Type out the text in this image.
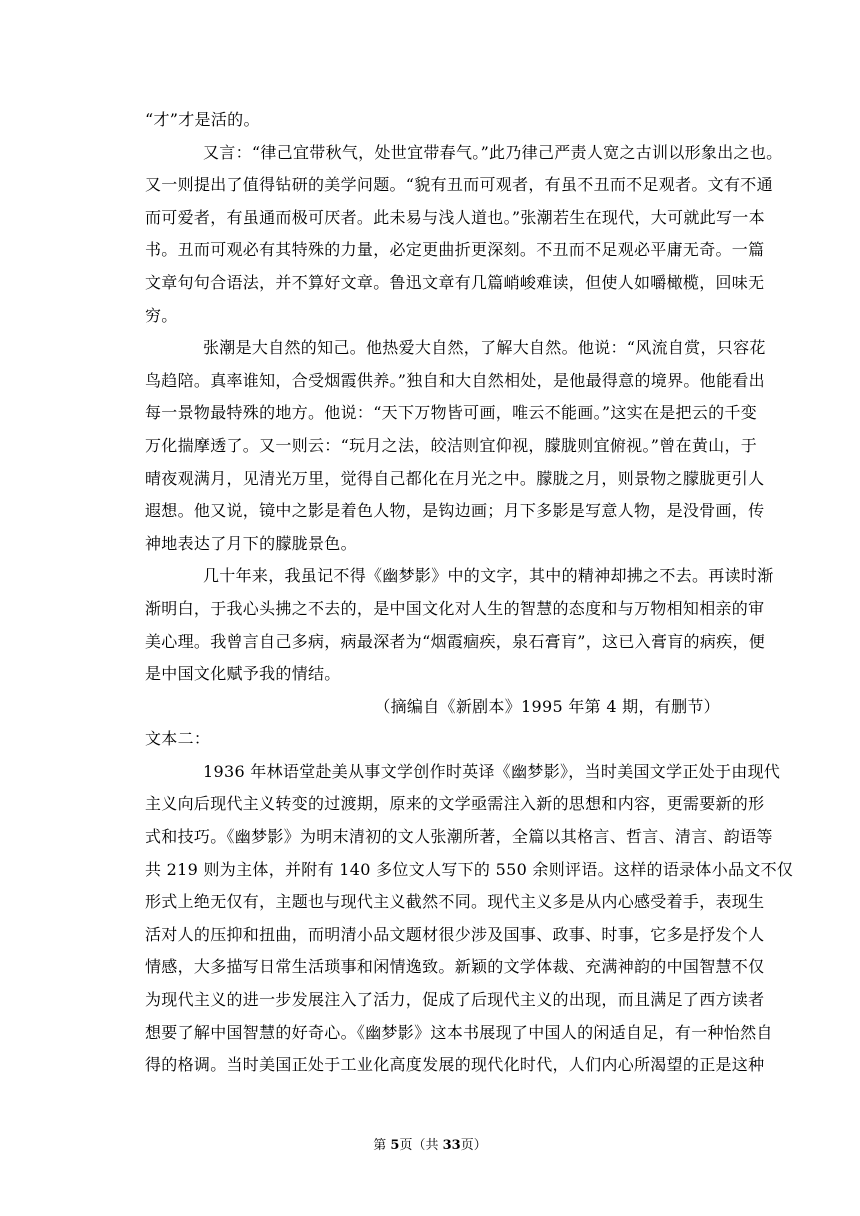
“才”才是活的。
又言：“律己宜带秋气，处世宜带春气。”此乃律己严责人宽之古训以形象出之也。
又一则提出了值得钻研的美学问题。“貌有丑而可观者，有虽不丑而不足观者。文有不通
而可爱者，有虽通而极可厌者。此未易与浅人道也。”张潮若生在现代，大可就此写一本
书。丑而可观必有其特殊的力量，必定更曲折更深刻。不丑而不足观必平庸无奇。一篇
文章句句合语法，并不算好文章。鲁迅文章有几篇峭峻难读，但使人如嚼橄榄，回味无
穷。
张潮是大自然的知己。他热爱大自然，了解大自然。他说：“风流自赏，只容花
鸟趋陪。真率谁知，合受烟霞供养。”独自和大自然相处，是他最得意的境界。他能看出
每一景物最特殊的地方。他说：“天下万物皆可画，唯云不能画。”这实在是把云的千变
万化揣摩透了。又一则云：“玩月之法，皎洁则宜仰视，朦胧则宜俯视。”曾在黄山，于
晴夜观满月，见清光万里，觉得自己都化在月光之中。朦胧之月，则景物之朦胧更引人
遐想。他又说，镜中之影是着色人物，是钩边画；月下多影是写意人物，是没骨画，传
神地表达了月下的朦胧景色。
几十年来，我虽记不得《幽梦影》中的文字，其中的精神却拂之不去。再读时渐
渐明白，于我心头拂之不去的，是中国文化对人生的智慧的态度和与万物相知相亲的审
美心理。我曾言自己多病，病最深者为“烟霞痼疾，泉石膏肓”，这已入膏肓的病疾，便
是中国文化赋予我的情结。
（摘编自《新剧本》1995 年第 4 期，有删节）
文本二：
1936 年林语堂赴美从事文学创作时英译《幽梦影》，当时美国文学正处于由现代
主义向后现代主义转变的过渡期，原来的文学亟需注入新的思想和内容，更需要新的形
式和技巧。《幽梦影》为明末清初的文人张潮所著，全篇以其格言、哲言、清言、韵语等
共 219 则为主体，并附有 140 多位文人写下的 550 余则评语。这样的语录体小品文不仅
形式上绝无仅有，主题也与现代主义截然不同。现代主义多是从内心感受着手，表现生
活对人的压抑和扭曲，而明清小品文题材很少涉及国事、政事、时事，它多是抒发个人
情感，大多描写日常生活琐事和闲情逸致。新颖的文学体裁、充满神韵的中国智慧不仅
为现代主义的进一步发展注入了活力，促成了后现代主义的出现，而且满足了西方读者
想要了解中国智慧的好奇心。《幽梦影》这本书展现了中国人的闲适自足，有一种怡然自
得的格调。当时美国正处于工业化高度发展的现代化时代，人们内心所渴望的正是这种
第 5页（共 33页）
